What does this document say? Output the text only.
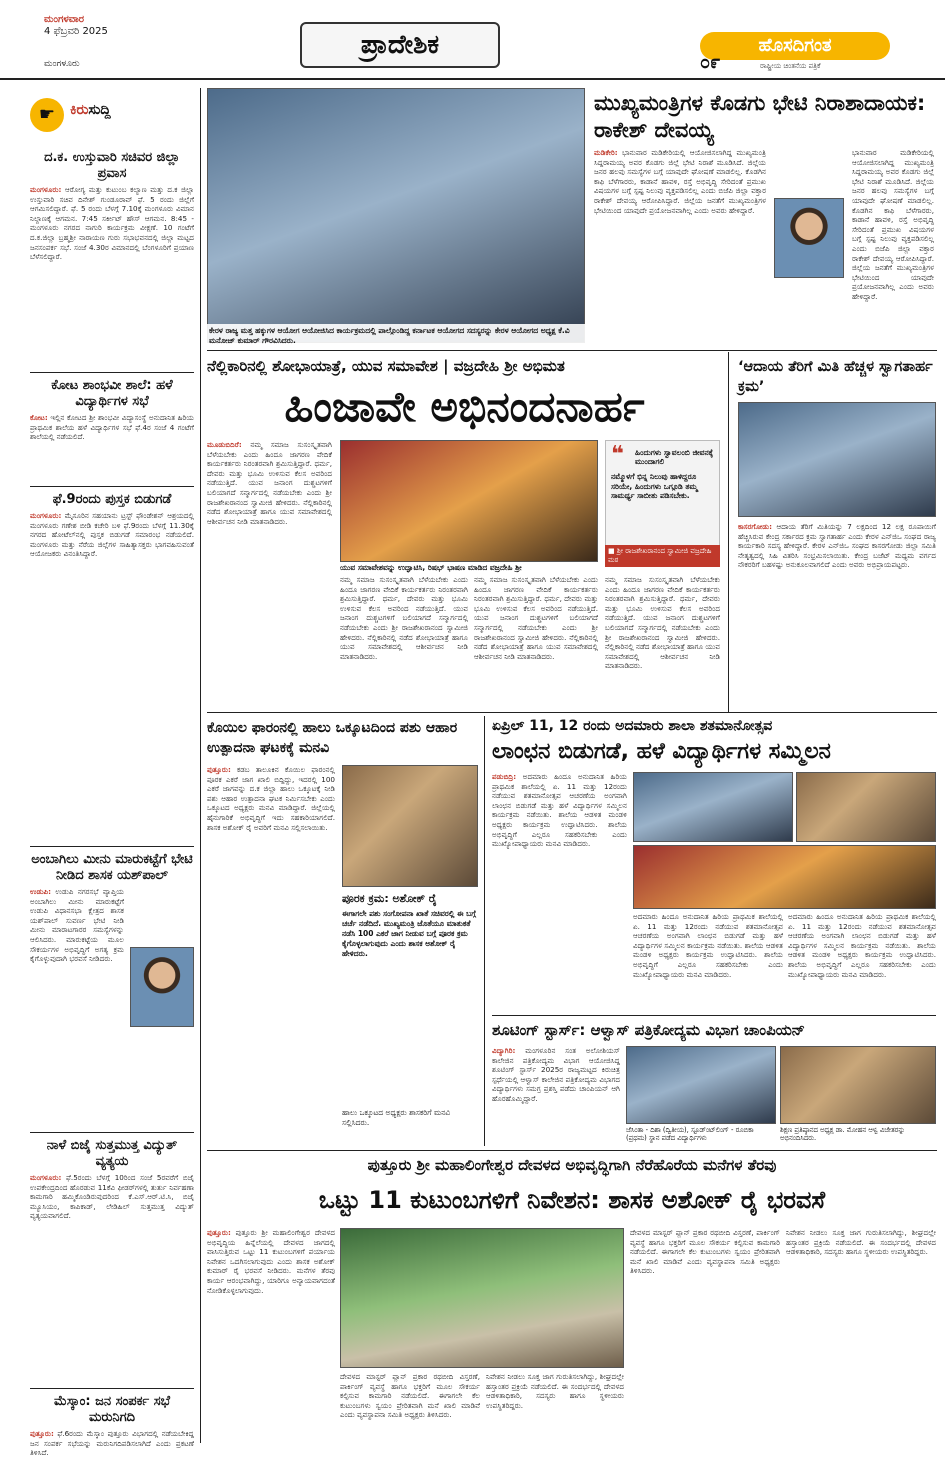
ಮಂಗಳವಾರ
4 ಫೆಬ್ರವರಿ 2025
ಮಂಗಳೂರು
ಪ್ರಾದೇಶಿಕ	ಹೊಸದಿಗಂತ
ರಾಷ್ಟ್ರೀಯ ಚಿಂತನೆಯ ಪತ್ರಿಕೆ
೦೯
☛	ಕಿರುಸುದ್ದಿ
ದ.ಕ. ಉಸ್ತುವಾರಿ ಸಚಿವರ ಜಿಲ್ಲಾ ಪ್ರವಾಸ
ಮಂಗಳೂರು: ಆರೋಗ್ಯ ಮತ್ತು ಕುಟುಂಬ ಕಲ್ಯಾಣ ಮತ್ತು ದ.ಕ ಜಿಲ್ಲಾ ಉಸ್ತುವಾರಿ ಸಚಿವ ದಿನೇಶ್ ಗುಂಡೂರಾವ್ ಫೆ. 5 ರಂದು ಜಿಲ್ಲೆಗೆ ಆಗಮಿಸಲಿದ್ದಾರೆ. ಫೆ. 5 ರಂದು ಬೆಳಗ್ಗೆ 7.10ಕ್ಕೆ ಮಂಗಳೂರು ವಿಮಾನ ನಿಲ್ದಾಣಕ್ಕೆ ಆಗಮನ. 7:45 ಸರ್ಕೀಟ್ ಹೌಸ್ ಆಗಮನ. 8:45 - ಮಂಗಳೂರು ನಗರದ ನಾಗುರಿ ಕಾರ್ಯಕ್ರಮ ವೀಕ್ಷಣೆ. 10 ಗಂಟೆಗೆ ದ.ಕ.ಜಿಲ್ಲಾ ಬ್ರಹ್ಮಶ್ರೀ ನಾರಾಯಣ ಗುರು ಸಭಾಭವನದಲ್ಲಿ ಜಿಲ್ಲಾ ಮಟ್ಟದ ಜನಸಂಪರ್ಕ ಸಭೆ. ಸಂಜೆ 4.30ರ ವಿಮಾನದಲ್ಲಿ ಬೆಂಗಳೂರಿಗೆ ಪ್ರಯಾಣ ಬೆಳೆಸಲಿದ್ದಾರೆ.
ಕೋಟ ಶಾಂಭವೀ ಶಾಲೆ: ಹಳೆ ವಿದ್ಯಾರ್ಥಿಗಳ ಸಭೆ
ಕೋಟ: ಇಲ್ಲಿನ ಕೋಟದ ಶ್ರೀ ಶಾಂಭವೀ ವಿದ್ಯಾಸಂಸ್ಥೆ ಅನುದಾನಿತ ಹಿರಿಯ ಪ್ರಾಥಮಿಕ ಶಾಲೆಯ ಹಳೆ ವಿದ್ಯಾರ್ಥಿಗಳ ಸಭೆ ಫೆ.4ರ ಸಂಜೆ 4 ಗಂಟೆಗೆ ಶಾಲೆಯಲ್ಲಿ ನಡೆಯಲಿದೆ.
ಫೆ.9ರಂದು ಪುಸ್ತಕ ಬಿಡುಗಡೆ
ಮಂಗಳೂರು: ಮೈಸೂರಿನ ಸಹಯಾನು ಟ್ರಸ್ಟ್ ಫೌಂಡೇಶನ್ ಆಶ್ರಯದಲ್ಲಿ ಮಂಗಳೂರು ಗಣೇಶ ಬೀಡಿ ಕಚೇರಿ ಬಳಿ ಫೆ.9ರಂದು ಬೆಳಗ್ಗೆ 11.30ಕ್ಕೆ ನಗರದ ಹೋಟೆಲ್‌ನಲ್ಲಿ ಪುಸ್ತಕ ಬಿಡುಗಡೆ ಸಮಾರಂಭ ನಡೆಯಲಿದೆ. ಮಂಗಳೂರು ಮತ್ತು ನೆರೆಯ ಜಿಲ್ಲೆಗಳ ಸಾಹಿತ್ಯಾಸಕ್ತರು ಭಾಗವಹಿಸುವಂತೆ ಆಯೋಜಕರು ವಿನಂತಿಸಿದ್ದಾರೆ.
ಅಂಬಾಗಿಲು ಮೀನು ಮಾರುಕಟ್ಟೆಗೆ ಭೇಟಿ ನೀಡಿದ ಶಾಸಕ ಯಶ್‌ಪಾಲ್
ಉಡುಪಿ: ಉಡುಪಿ ನಗರಸಭೆ ವ್ಯಾಪ್ತಿಯ ಅಂಬಾಗಿಲು ಮೀನು ಮಾರುಕಟ್ಟೆಗೆ ಉಡುಪಿ ವಿಧಾನಸಭಾ ಕ್ಷೇತ್ರದ ಶಾಸಕ ಯಶ್‌ಪಾಲ್ ಸುವರ್ಣ ಭೇಟಿ ನೀಡಿ ಮೀನು ಮಾರಾಟಗಾರರ ಸಮಸ್ಯೆಗಳನ್ನು ಆಲಿಸಿದರು. ಮಾರುಕಟ್ಟೆಯ ಮೂಲ ಸೌಕರ್ಯಗಳ ಅಭಿವೃದ್ಧಿಗೆ ಅಗತ್ಯ ಕ್ರಮ ಕೈಗೊಳ್ಳುವುದಾಗಿ ಭರವಸೆ ನೀಡಿದರು.
ನಾಳೆ ಬಿಜೈ ಸುತ್ತಮುತ್ತ ವಿದ್ಯುತ್ ವ್ಯತ್ಯಯ
ಮಂಗಳೂರು: ಫೆ.5ರಂದು ಬೆಳಗ್ಗೆ 10ರಿಂದ ಸಂಜೆ 5ರವರೆಗೆ ಬಿಜೈ ಉಪಕೇಂದ್ರದಿಂದ ಹೊರಡುವ 11ಕೆವಿ ಫೀಡರ್‌ಗಳಲ್ಲಿ ತುರ್ತು ನಿರ್ವಹಣಾ ಕಾಮಗಾರಿ ಹಮ್ಮಿಕೊಂಡಿರುವುದರಿಂದ ಕೆ.ಎಸ್.ಆರ್.ಟಿ.ಸಿ, ಬಿಜೈ ಮ್ಯೂಸಿಯಂ, ಕಾಪಿಕಾಡ್, ಲೇಡಿಹಿಲ್ ಸುತ್ತಮುತ್ತ ವಿದ್ಯುತ್ ವ್ಯತ್ಯಯವಾಗಲಿದೆ.
ಮೆಸ್ಕಾಂ: ಜನ ಸಂಪರ್ಕ ಸಭೆ ಮರುನಿಗದಿ
ಪುತ್ತೂರು: ಫೆ.6ರಂದು ಮೆಸ್ಕಾಂ ಪುತ್ತೂರು ವಿಭಾಗದಲ್ಲಿ ನಡೆಯಬೇಕಿದ್ದ ಜನ ಸಂಪರ್ಕ ಸಭೆಯನ್ನು ಮರುನಿಗದಿಪಡಿಸಲಾಗಿದೆ ಎಂದು ಪ್ರಕಟಣೆ ತಿಳಿಸಿದೆ.
ಕೇರಳ ರಾಜ್ಯ ಮತ್ತ ಹಕ್ಕುಗಳ ಆಯೋಗ ಆಯೋಜಿಸಿದ ಕಾರ್ಯಕ್ರಮದಲ್ಲಿ ಪಾಲ್ಗೊಂಡಿದ್ದ ಕರ್ನಾಟಕ ಆಯೋಗದ ಸದಸ್ಯರನ್ನು ಕೇರಳ ಆಯೋಗದ ಅಧ್ಯಕ್ಷ ಕೆ.ವಿ ಮನೋಜ್ ಕುಮಾರ್ ಗೌರವಿಸಿದರು.
ಮುಖ್ಯಮಂತ್ರಿಗಳ ಕೊಡಗು ಭೇಟಿ ನಿರಾಶಾದಾಯಕ: ರಾಕೇಶ್ ದೇವಯ್ಯ
ಮಡಿಕೇರಿ: ಭಾನುವಾರ ಮಡಿಕೇರಿಯಲ್ಲಿ ಆಯೋಜಿಸಲಾಗಿದ್ದ ಮುಖ್ಯಮಂತ್ರಿ ಸಿದ್ದರಾಮಯ್ಯ ಅವರ ಕೊಡಗು ಜಿಲ್ಲೆ ಭೇಟಿ ನಿರಾಶೆ ಮೂಡಿಸಿದೆ. ಜಿಲ್ಲೆಯ ಜನರ ಹಲವು ಸಮಸ್ಯೆಗಳ ಬಗ್ಗೆ ಯಾವುದೇ ಘೋಷಣೆ ಮಾಡಲಿಲ್ಲ. ಕೊಡಗಿನ ಕಾಫಿ ಬೆಳೆಗಾರರು, ಕಾಡಾನೆ ಹಾವಳಿ, ರಸ್ತೆ ಅಭಿವೃದ್ಧಿ ಸೇರಿದಂತೆ ಪ್ರಮುಖ ವಿಷಯಗಳ ಬಗ್ಗೆ ಸ್ಪಷ್ಟ ನಿಲುವು ವ್ಯಕ್ತಪಡಿಸಲಿಲ್ಲ ಎಂದು ಬಿಜೆಪಿ ಜಿಲ್ಲಾ ವಕ್ತಾರ ರಾಕೇಶ್ ದೇವಯ್ಯ ಆರೋಪಿಸಿದ್ದಾರೆ. ಜಿಲ್ಲೆಯ ಜನತೆಗೆ ಮುಖ್ಯಮಂತ್ರಿಗಳ ಭೇಟಿಯಿಂದ ಯಾವುದೇ ಪ್ರಯೋಜನವಾಗಿಲ್ಲ ಎಂದು ಅವರು ಹೇಳಿದ್ದಾರೆ.
ಭಾನುವಾರ ಮಡಿಕೇರಿಯಲ್ಲಿ ಆಯೋಜಿಸಲಾಗಿದ್ದ ಮುಖ್ಯಮಂತ್ರಿ ಸಿದ್ದರಾಮಯ್ಯ ಅವರ ಕೊಡಗು ಜಿಲ್ಲೆ ಭೇಟಿ ನಿರಾಶೆ ಮೂಡಿಸಿದೆ. ಜಿಲ್ಲೆಯ ಜನರ ಹಲವು ಸಮಸ್ಯೆಗಳ ಬಗ್ಗೆ ಯಾವುದೇ ಘೋಷಣೆ ಮಾಡಲಿಲ್ಲ. ಕೊಡಗಿನ ಕಾಫಿ ಬೆಳೆಗಾರರು, ಕಾಡಾನೆ ಹಾವಳಿ, ರಸ್ತೆ ಅಭಿವೃದ್ಧಿ ಸೇರಿದಂತೆ ಪ್ರಮುಖ ವಿಷಯಗಳ ಬಗ್ಗೆ ಸ್ಪಷ್ಟ ನಿಲುವು ವ್ಯಕ್ತಪಡಿಸಲಿಲ್ಲ ಎಂದು ಬಿಜೆಪಿ ಜಿಲ್ಲಾ ವಕ್ತಾರ ರಾಕೇಶ್ ದೇವಯ್ಯ ಆರೋಪಿಸಿದ್ದಾರೆ. ಜಿಲ್ಲೆಯ ಜನತೆಗೆ ಮುಖ್ಯಮಂತ್ರಿಗಳ ಭೇಟಿಯಿಂದ ಯಾವುದೇ ಪ್ರಯೋಜನವಾಗಿಲ್ಲ ಎಂದು ಅವರು ಹೇಳಿದ್ದಾರೆ.
ನೆಲ್ಲಿಕಾರಿನಲ್ಲಿ ಶೋಭಾಯಾತ್ರೆ, ಯುವ ಸಮಾವೇಶ | ವಜ್ರದೇಹಿ ಶ್ರೀ ಅಭಿಮತ
ಹಿಂಜಾವೇ ಅಭಿನಂದನಾರ್ಹ
ಮೂಡುಬಿದಿರೆ: ನಮ್ಮ ಸಮಾಜ ಸುಸಂಸ್ಕೃತವಾಗಿ ಬೆಳೆಯಬೇಕು ಎಂದು ಹಿಂದೂ ಜಾಗರಣ ವೇದಿಕೆ ಕಾರ್ಯಕರ್ತರು ನಿರಂತರವಾಗಿ ಶ್ರಮಿಸುತ್ತಿದ್ದಾರೆ. ಧರ್ಮ, ದೇವರು ಮತ್ತು ಭೂಮಿ ಉಳಿಸುವ ಕೆಲಸ ಅವರಿಂದ ನಡೆಯುತ್ತಿದೆ. ಯುವ ಜನಾಂಗ ದುಶ್ಚಟಗಳಿಗೆ ಬಲಿಯಾಗದೆ ಸನ್ಮಾರ್ಗದಲ್ಲಿ ನಡೆಯಬೇಕು ಎಂದು ಶ್ರೀ ರಾಜಶೇಖರಾನಂದ ಸ್ವಾಮೀಜಿ ಹೇಳಿದರು. ನೆಲ್ಲಿಕಾರಿನಲ್ಲಿ ನಡೆದ ಶೋಭಾಯಾತ್ರೆ ಹಾಗೂ ಯುವ ಸಮಾವೇಶದಲ್ಲಿ ಆಶೀರ್ವಚನ ನೀಡಿ ಮಾತನಾಡಿದರು.
ಯುವ ಸಮಾವೇಶವನ್ನು ಉದ್ಘಾಟಿಸಿ, ರಿಷಭ್ ಭಾಷಣ ಮಾಡಿದ ವಜ್ರದೇಹಿ ಶ್ರೀ
❝	ಹಿಂದುಗಳು ಸ್ವಾವಲಂಬಿ ಜೀವನಕ್ಕೆ ಮುಂದಾಗಲಿ
ನಮ್ಮೊಳಗೆ ಭಿನ್ನ ನಿಲುವು ಹಾಳಿದ್ದರೂ ಸರಿಯೇ, ಹಿಂದುಗಳು ಒಗ್ಗೂಡಿ ತಮ್ಮ ಸಾಮರ್ಥ್ಯ ಸಾಬೀತು ಪಡಿಸಬೇಕು.
■ ಶ್ರೀ ರಾಜಶೇಖರಾನಂದ ಸ್ವಾಮೀಜಿ ವಜ್ರದೇಹಿ ಮಠ
ನಮ್ಮ ಸಮಾಜ ಸುಸಂಸ್ಕೃತವಾಗಿ ಬೆಳೆಯಬೇಕು ಎಂದು ಹಿಂದೂ ಜಾಗರಣ ವೇದಿಕೆ ಕಾರ್ಯಕರ್ತರು ನಿರಂತರವಾಗಿ ಶ್ರಮಿಸುತ್ತಿದ್ದಾರೆ. ಧರ್ಮ, ದೇವರು ಮತ್ತು ಭೂಮಿ ಉಳಿಸುವ ಕೆಲಸ ಅವರಿಂದ ನಡೆಯುತ್ತಿದೆ. ಯುವ ಜನಾಂಗ ದುಶ್ಚಟಗಳಿಗೆ ಬಲಿಯಾಗದೆ ಸನ್ಮಾರ್ಗದಲ್ಲಿ ನಡೆಯಬೇಕು ಎಂದು ಶ್ರೀ ರಾಜಶೇಖರಾನಂದ ಸ್ವಾಮೀಜಿ ಹೇಳಿದರು. ನೆಲ್ಲಿಕಾರಿನಲ್ಲಿ ನಡೆದ ಶೋಭಾಯಾತ್ರೆ ಹಾಗೂ ಯುವ ಸಮಾವೇಶದಲ್ಲಿ ಆಶೀರ್ವಚನ ನೀಡಿ ಮಾತನಾಡಿದರು.
ನಮ್ಮ ಸಮಾಜ ಸುಸಂಸ್ಕೃತವಾಗಿ ಬೆಳೆಯಬೇಕು ಎಂದು ಹಿಂದೂ ಜಾಗರಣ ವೇದಿಕೆ ಕಾರ್ಯಕರ್ತರು ನಿರಂತರವಾಗಿ ಶ್ರಮಿಸುತ್ತಿದ್ದಾರೆ. ಧರ್ಮ, ದೇವರು ಮತ್ತು ಭೂಮಿ ಉಳಿಸುವ ಕೆಲಸ ಅವರಿಂದ ನಡೆಯುತ್ತಿದೆ. ಯುವ ಜನಾಂಗ ದುಶ್ಚಟಗಳಿಗೆ ಬಲಿಯಾಗದೆ ಸನ್ಮಾರ್ಗದಲ್ಲಿ ನಡೆಯಬೇಕು ಎಂದು ಶ್ರೀ ರಾಜಶೇಖರಾನಂದ ಸ್ವಾಮೀಜಿ ಹೇಳಿದರು. ನೆಲ್ಲಿಕಾರಿನಲ್ಲಿ ನಡೆದ ಶೋಭಾಯಾತ್ರೆ ಹಾಗೂ ಯುವ ಸಮಾವೇಶದಲ್ಲಿ ಆಶೀರ್ವಚನ ನೀಡಿ ಮಾತನಾಡಿದರು.
ನಮ್ಮ ಸಮಾಜ ಸುಸಂಸ್ಕೃತವಾಗಿ ಬೆಳೆಯಬೇಕು ಎಂದು ಹಿಂದೂ ಜಾಗರಣ ವೇದಿಕೆ ಕಾರ್ಯಕರ್ತರು ನಿರಂತರವಾಗಿ ಶ್ರಮಿಸುತ್ತಿದ್ದಾರೆ. ಧರ್ಮ, ದೇವರು ಮತ್ತು ಭೂಮಿ ಉಳಿಸುವ ಕೆಲಸ ಅವರಿಂದ ನಡೆಯುತ್ತಿದೆ. ಯುವ ಜನಾಂಗ ದುಶ್ಚಟಗಳಿಗೆ ಬಲಿಯಾಗದೆ ಸನ್ಮಾರ್ಗದಲ್ಲಿ ನಡೆಯಬೇಕು ಎಂದು ಶ್ರೀ ರಾಜಶೇಖರಾನಂದ ಸ್ವಾಮೀಜಿ ಹೇಳಿದರು. ನೆಲ್ಲಿಕಾರಿನಲ್ಲಿ ನಡೆದ ಶೋಭಾಯಾತ್ರೆ ಹಾಗೂ ಯುವ ಸಮಾವೇಶದಲ್ಲಿ ಆಶೀರ್ವಚನ ನೀಡಿ ಮಾತನಾಡಿದರು.
‘ಆದಾಯ ತೆರಿಗೆ ಮಿತಿ ಹೆಚ್ಚಳ ಸ್ವಾಗತಾರ್ಹ ಕ್ರಮ’
ಕಾಸರಗೋಡು: ಆದಾಯ ತೆರಿಗೆ ಮಿತಿಯನ್ನು 7 ಲಕ್ಷದಿಂದ 12 ಲಕ್ಷ ರೂಪಾಯಿಗೆ ಹೆಚ್ಚಿಸಿರುವ ಕೇಂದ್ರ ಸರ್ಕಾರದ ಕ್ರಮ ಸ್ವಾಗತಾರ್ಹ ಎಂದು ಕೇರಳ ಎನ್‌ಜಿಒ ಸಂಘದ ರಾಜ್ಯ ಕಾರ್ಯಕಾರಿ ಸದಸ್ಯ ಹೇಳಿದ್ದಾರೆ. ಕೇರಳ ಎನ್‌ಜಿಒ ಸಂಘದ ಕಾಸರಗೋಡು ಜಿಲ್ಲಾ ಸಮಿತಿ ನೇತೃತ್ವದಲ್ಲಿ ಸಿಹಿ ವಿತರಿಸಿ ಸಂಭ್ರಮಿಸಲಾಯಿತು. ಕೇಂದ್ರ ಬಜೆಟ್ ಮಧ್ಯಮ ವರ್ಗದ ನೌಕರರಿಗೆ ಬಹಳಷ್ಟು ಅನುಕೂಲವಾಗಲಿದೆ ಎಂದು ಅವರು ಅಭಿಪ್ರಾಯಪಟ್ಟರು.
ಕೊಯಿಲ ಫಾರಂನಲ್ಲಿ ಹಾಲು ಒಕ್ಕೂಟದಿಂದ ಪಶು ಆಹಾರ ಉತ್ಪಾದನಾ ಘಟಕಕ್ಕೆ ಮನವಿ
ಪುತ್ತೂರು: ಕಡಬ ತಾಲೂಕಿನ ಕೊಯಿಲ ಫಾರಂನಲ್ಲಿ ಪೂರಕ ಎಕರೆ ಜಾಗ ಖಾಲಿ ಬಿದ್ದಿದ್ದು, ಇದರಲ್ಲಿ 100 ಎಕರೆ ಜಾಗವನ್ನು ದ.ಕ ಜಿಲ್ಲಾ ಹಾಲು ಒಕ್ಕೂಟಕ್ಕೆ ನೀಡಿ ಪಶು ಆಹಾರ ಉತ್ಪಾದನಾ ಘಟಕ ನಿರ್ಮಿಸಬೇಕು ಎಂದು ಒಕ್ಕೂಟದ ಅಧ್ಯಕ್ಷರು ಮನವಿ ಮಾಡಿದ್ದಾರೆ. ಜಿಲ್ಲೆಯಲ್ಲಿ ಹೈನುಗಾರಿಕೆ ಅಭಿವೃದ್ಧಿಗೆ ಇದು ಸಹಕಾರಿಯಾಗಲಿದೆ. ಶಾಸಕ ಅಶೋಕ್ ರೈ ಅವರಿಗೆ ಮನವಿ ಸಲ್ಲಿಸಲಾಯಿತು.
ಪೂರಕ ಕ್ರಮ: ಅಶೋಕ್ ರೈ
ಈಗಾಗಲೇ ಪಶು ಸಂಗೋಪನಾ ಖಾತೆ ಸಚಿವರಲ್ಲಿ ಈ ಬಗ್ಗೆ ಚರ್ಚೆ ನಡೆದಿದೆ. ಮುಖ್ಯಮಂತ್ರಿ ಜೊತೆಯೂ ಮಾತುಕತೆ ನಡೆಸಿ 100 ಎಕರೆ ಜಾಗ ನೀಡುವ ಬಗ್ಗೆ ಪೂರಕ ಕ್ರಮ ಕೈಗೊಳ್ಳಲಾಗುವುದು ಎಂದು ಶಾಸಕ ಅಶೋಕ್ ರೈ ಹೇಳಿದರು.
ಹಾಲು ಒಕ್ಕೂಟದ ಅಧ್ಯಕ್ಷರು ಶಾಸಕರಿಗೆ ಮನವಿ ಸಲ್ಲಿಸಿದರು.
ಏಪ್ರಿಲ್ 11, 12 ರಂದು ಅದಮಾರು ಶಾಲಾ ಶತಮಾನೋತ್ಸವ
ಲಾಂಛನ ಬಿಡುಗಡೆ, ಹಳೆ ವಿದ್ಯಾರ್ಥಿಗಳ ಸಮ್ಮಿಲನ
ಪಡುಬಿದ್ರಿ: ಅದಮಾರು ಹಿಂದೂ ಅನುದಾನಿತ ಹಿರಿಯ ಪ್ರಾಥಮಿಕ ಶಾಲೆಯಲ್ಲಿ ಏ. 11 ಮತ್ತು 12ರಂದು ನಡೆಯುವ ಶತಮಾನೋತ್ಸವ ಆಚರಣೆಯ ಅಂಗವಾಗಿ ಲಾಂಛನ ಬಿಡುಗಡೆ ಮತ್ತು ಹಳೆ ವಿದ್ಯಾರ್ಥಿಗಳ ಸಮ್ಮಿಲನ ಕಾರ್ಯಕ್ರಮ ನಡೆಯಿತು. ಶಾಲೆಯ ಆಡಳಿತ ಮಂಡಳಿ ಅಧ್ಯಕ್ಷರು ಕಾರ್ಯಕ್ರಮ ಉದ್ಘಾಟಿಸಿದರು. ಶಾಲೆಯ ಅಭಿವೃದ್ಧಿಗೆ ಎಲ್ಲರೂ ಸಹಕರಿಸಬೇಕು ಎಂದು ಮುಖ್ಯೋಪಾಧ್ಯಾಯರು ಮನವಿ ಮಾಡಿದರು.
ಅದಮಾರು ಹಿಂದೂ ಅನುದಾನಿತ ಹಿರಿಯ ಪ್ರಾಥಮಿಕ ಶಾಲೆಯಲ್ಲಿ ಏ. 11 ಮತ್ತು 12ರಂದು ನಡೆಯುವ ಶತಮಾನೋತ್ಸವ ಆಚರಣೆಯ ಅಂಗವಾಗಿ ಲಾಂಛನ ಬಿಡುಗಡೆ ಮತ್ತು ಹಳೆ ವಿದ್ಯಾರ್ಥಿಗಳ ಸಮ್ಮಿಲನ ಕಾರ್ಯಕ್ರಮ ನಡೆಯಿತು. ಶಾಲೆಯ ಆಡಳಿತ ಮಂಡಳಿ ಅಧ್ಯಕ್ಷರು ಕಾರ್ಯಕ್ರಮ ಉದ್ಘಾಟಿಸಿದರು. ಶಾಲೆಯ ಅಭಿವೃದ್ಧಿಗೆ ಎಲ್ಲರೂ ಸಹಕರಿಸಬೇಕು ಎಂದು ಮುಖ್ಯೋಪಾಧ್ಯಾಯರು ಮನವಿ ಮಾಡಿದರು.
ಅದಮಾರು ಹಿಂದೂ ಅನುದಾನಿತ ಹಿರಿಯ ಪ್ರಾಥಮಿಕ ಶಾಲೆಯಲ್ಲಿ ಏ. 11 ಮತ್ತು 12ರಂದು ನಡೆಯುವ ಶತಮಾನೋತ್ಸವ ಆಚರಣೆಯ ಅಂಗವಾಗಿ ಲಾಂಛನ ಬಿಡುಗಡೆ ಮತ್ತು ಹಳೆ ವಿದ್ಯಾರ್ಥಿಗಳ ಸಮ್ಮಿಲನ ಕಾರ್ಯಕ್ರಮ ನಡೆಯಿತು. ಶಾಲೆಯ ಆಡಳಿತ ಮಂಡಳಿ ಅಧ್ಯಕ್ಷರು ಕಾರ್ಯಕ್ರಮ ಉದ್ಘಾಟಿಸಿದರು. ಶಾಲೆಯ ಅಭಿವೃದ್ಧಿಗೆ ಎಲ್ಲರೂ ಸಹಕರಿಸಬೇಕು ಎಂದು ಮುಖ್ಯೋಪಾಧ್ಯಾಯರು ಮನವಿ ಮಾಡಿದರು.
ಶೂಟಿಂಗ್ ಸ್ಟಾರ್ಸ್: ಆಳ್ವಾಸ್ ಪತ್ರಿಕೋದ್ಯಮ ವಿಭಾಗ ಚಾಂಪಿಯನ್
ವಿದ್ಯಾಗಿರಿ: ಮಂಗಳೂರಿನ ಸಂತ ಅಲೋಶಿಯಸ್ ಕಾಲೇಜಿನ ಪತ್ರಿಕೋದ್ಯಮ ವಿಭಾಗ ಆಯೋಜಿಸಿದ್ದ ಶೂಟಿಂಗ್ ಸ್ಟಾರ್ಸ್ 2025ರ ರಾಜ್ಯಮಟ್ಟದ ಕಿರುಚಿತ್ರ ಸ್ಪರ್ಧೆಯಲ್ಲಿ ಆಳ್ವಾಸ್ ಕಾಲೇಜಿನ ಪತ್ರಿಕೋದ್ಯಮ ವಿಭಾಗದ ವಿದ್ಯಾರ್ಥಿಗಳು ಸಮಗ್ರ ಪ್ರಶಸ್ತಿ ಪಡೆದು ಚಾಂಪಿಯನ್ ಆಗಿ ಹೊರಹೊಮ್ಮಿದ್ದಾರೆ.
ಜೆಸಿಂತಾ - ದಿಶಾ (ದ್ವಿತೀಯ), ಸ್ಟೂಡ್‌ಂಟ್‌ಲಿಂಗ್ - ರೂಬಿಕಾ (ಪ್ರಥಮ) ಸ್ಥಾನ ಪಡೆದ ವಿದ್ಯಾರ್ಥಿಗಳು
ಶಿಕ್ಷಣ ಪ್ರತಿಷ್ಠಾನದ ಅಧ್ಯಕ್ಷ ಡಾ. ಮೋಹನ ಆಳ್ವ ವಿಜೇತರನ್ನು ಅಭಿನಂದಿಸಿದರು.
ಪುತ್ತೂರು ಶ್ರೀ ಮಹಾಲಿಂಗೇಶ್ವರ ದೇವಳದ ಅಭಿವೃದ್ಧಿಗಾಗಿ ನೆರೆಹೊರೆಯ ಮನೆಗಳ ತೆರವು
ಒಟ್ಟು 11 ಕುಟುಂಬಗಳಿಗೆ ನಿವೇಶನ: ಶಾಸಕ ಅಶೋಕ್ ರೈ ಭರವಸೆ
ಪುತ್ತೂರು: ಪುತ್ತೂರು ಶ್ರೀ ಮಹಾಲಿಂಗೇಶ್ವರ ದೇವಳದ ಅಭಿವೃದ್ಧಿಯ ಹಿನ್ನೆಲೆಯಲ್ಲಿ ದೇವಳದ ಜಾಗದಲ್ಲಿ ವಾಸಿಸುತ್ತಿರುವ ಒಟ್ಟು 11 ಕುಟುಂಬಗಳಿಗೆ ಪರ್ಯಾಯ ನಿವೇಶನ ಒದಗಿಸಲಾಗುವುದು ಎಂದು ಶಾಸಕ ಅಶೋಕ್ ಕುಮಾರ್ ರೈ ಭರವಸೆ ನೀಡಿದರು. ಮನೆಗಳ ತೆರವು ಕಾರ್ಯ ಆರಂಭವಾಗಿದ್ದು, ಯಾರಿಗೂ ಅನ್ಯಾಯವಾಗದಂತೆ ನೋಡಿಕೊಳ್ಳಲಾಗುವುದು.
ದೇವಳದ ಮಾಸ್ಟರ್ ಪ್ಲಾನ್ ಪ್ರಕಾರ ರಥಬೀದಿ ವಿಸ್ತರಣೆ, ಪಾರ್ಕಿಂಗ್ ವ್ಯವಸ್ಥೆ ಹಾಗೂ ಭಕ್ತರಿಗೆ ಮೂಲ ಸೌಕರ್ಯ ಕಲ್ಪಿಸುವ ಕಾಮಗಾರಿ ನಡೆಯಲಿದೆ. ಈಗಾಗಲೇ ಕೆಲ ಕುಟುಂಬಗಳು ಸ್ವಯಂ ಪ್ರೇರಿತವಾಗಿ ಮನೆ ಖಾಲಿ ಮಾಡಿವೆ ಎಂದು ವ್ಯವಸ್ಥಾಪನಾ ಸಮಿತಿ ಅಧ್ಯಕ್ಷರು ತಿಳಿಸಿದರು.
ನಿವೇಶನ ನೀಡಲು ಸೂಕ್ತ ಜಾಗ ಗುರುತಿಸಲಾಗಿದ್ದು, ಶೀಘ್ರದಲ್ಲೇ ಹಸ್ತಾಂತರ ಪ್ರಕ್ರಿಯೆ ನಡೆಯಲಿದೆ. ಈ ಸಂದರ್ಭದಲ್ಲಿ ದೇವಳದ ಆಡಳಿತಾಧಿಕಾರಿ, ಸದಸ್ಯರು ಹಾಗೂ ಸ್ಥಳೀಯರು ಉಪಸ್ಥಿತರಿದ್ದರು.
ದೇವಳದ ಮಾಸ್ಟರ್ ಪ್ಲಾನ್ ಪ್ರಕಾರ ರಥಬೀದಿ ವಿಸ್ತರಣೆ, ಪಾರ್ಕಿಂಗ್ ವ್ಯವಸ್ಥೆ ಹಾಗೂ ಭಕ್ತರಿಗೆ ಮೂಲ ಸೌಕರ್ಯ ಕಲ್ಪಿಸುವ ಕಾಮಗಾರಿ ನಡೆಯಲಿದೆ. ಈಗಾಗಲೇ ಕೆಲ ಕುಟುಂಬಗಳು ಸ್ವಯಂ ಪ್ರೇರಿತವಾಗಿ ಮನೆ ಖಾಲಿ ಮಾಡಿವೆ ಎಂದು ವ್ಯವಸ್ಥಾಪನಾ ಸಮಿತಿ ಅಧ್ಯಕ್ಷರು ತಿಳಿಸಿದರು.
ನಿವೇಶನ ನೀಡಲು ಸೂಕ್ತ ಜಾಗ ಗುರುತಿಸಲಾಗಿದ್ದು, ಶೀಘ್ರದಲ್ಲೇ ಹಸ್ತಾಂತರ ಪ್ರಕ್ರಿಯೆ ನಡೆಯಲಿದೆ. ಈ ಸಂದರ್ಭದಲ್ಲಿ ದೇವಳದ ಆಡಳಿತಾಧಿಕಾರಿ, ಸದಸ್ಯರು ಹಾಗೂ ಸ್ಥಳೀಯರು ಉಪಸ್ಥಿತರಿದ್ದರು.
